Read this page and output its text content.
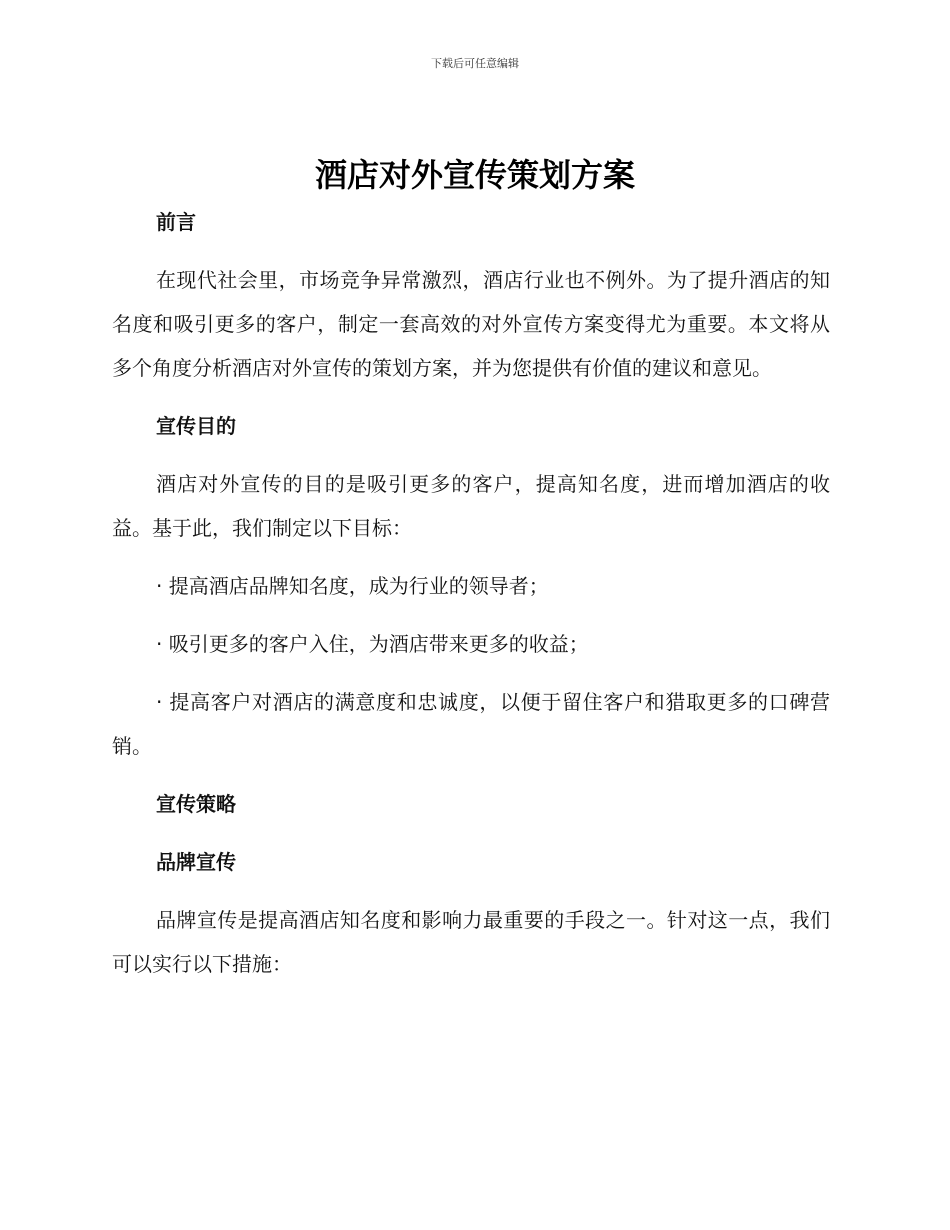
下载后可任意编辑
酒店对外宣传策划方案
前言
在现代社会里，市场竞争异常激烈，酒店行业也不例外。为了提升酒店的知名度和吸引更多的客户，制定一套高效的对外宣传方案变得尤为重要。本文将从多个角度分析酒店对外宣传的策划方案，并为您提供有价值的建议和意见。
宣传目的
酒店对外宣传的目的是吸引更多的客户，提高知名度，进而增加酒店的收益。基于此，我们制定以下目标：
· 提高酒店品牌知名度，成为行业的领导者；
· 吸引更多的客户入住，为酒店带来更多的收益；
· 提高客户对酒店的满意度和忠诚度，以便于留住客户和猎取更多的口碑营销。
宣传策略
品牌宣传
品牌宣传是提高酒店知名度和影响力最重要的手段之一。针对这一点，我们可以实行以下措施：
